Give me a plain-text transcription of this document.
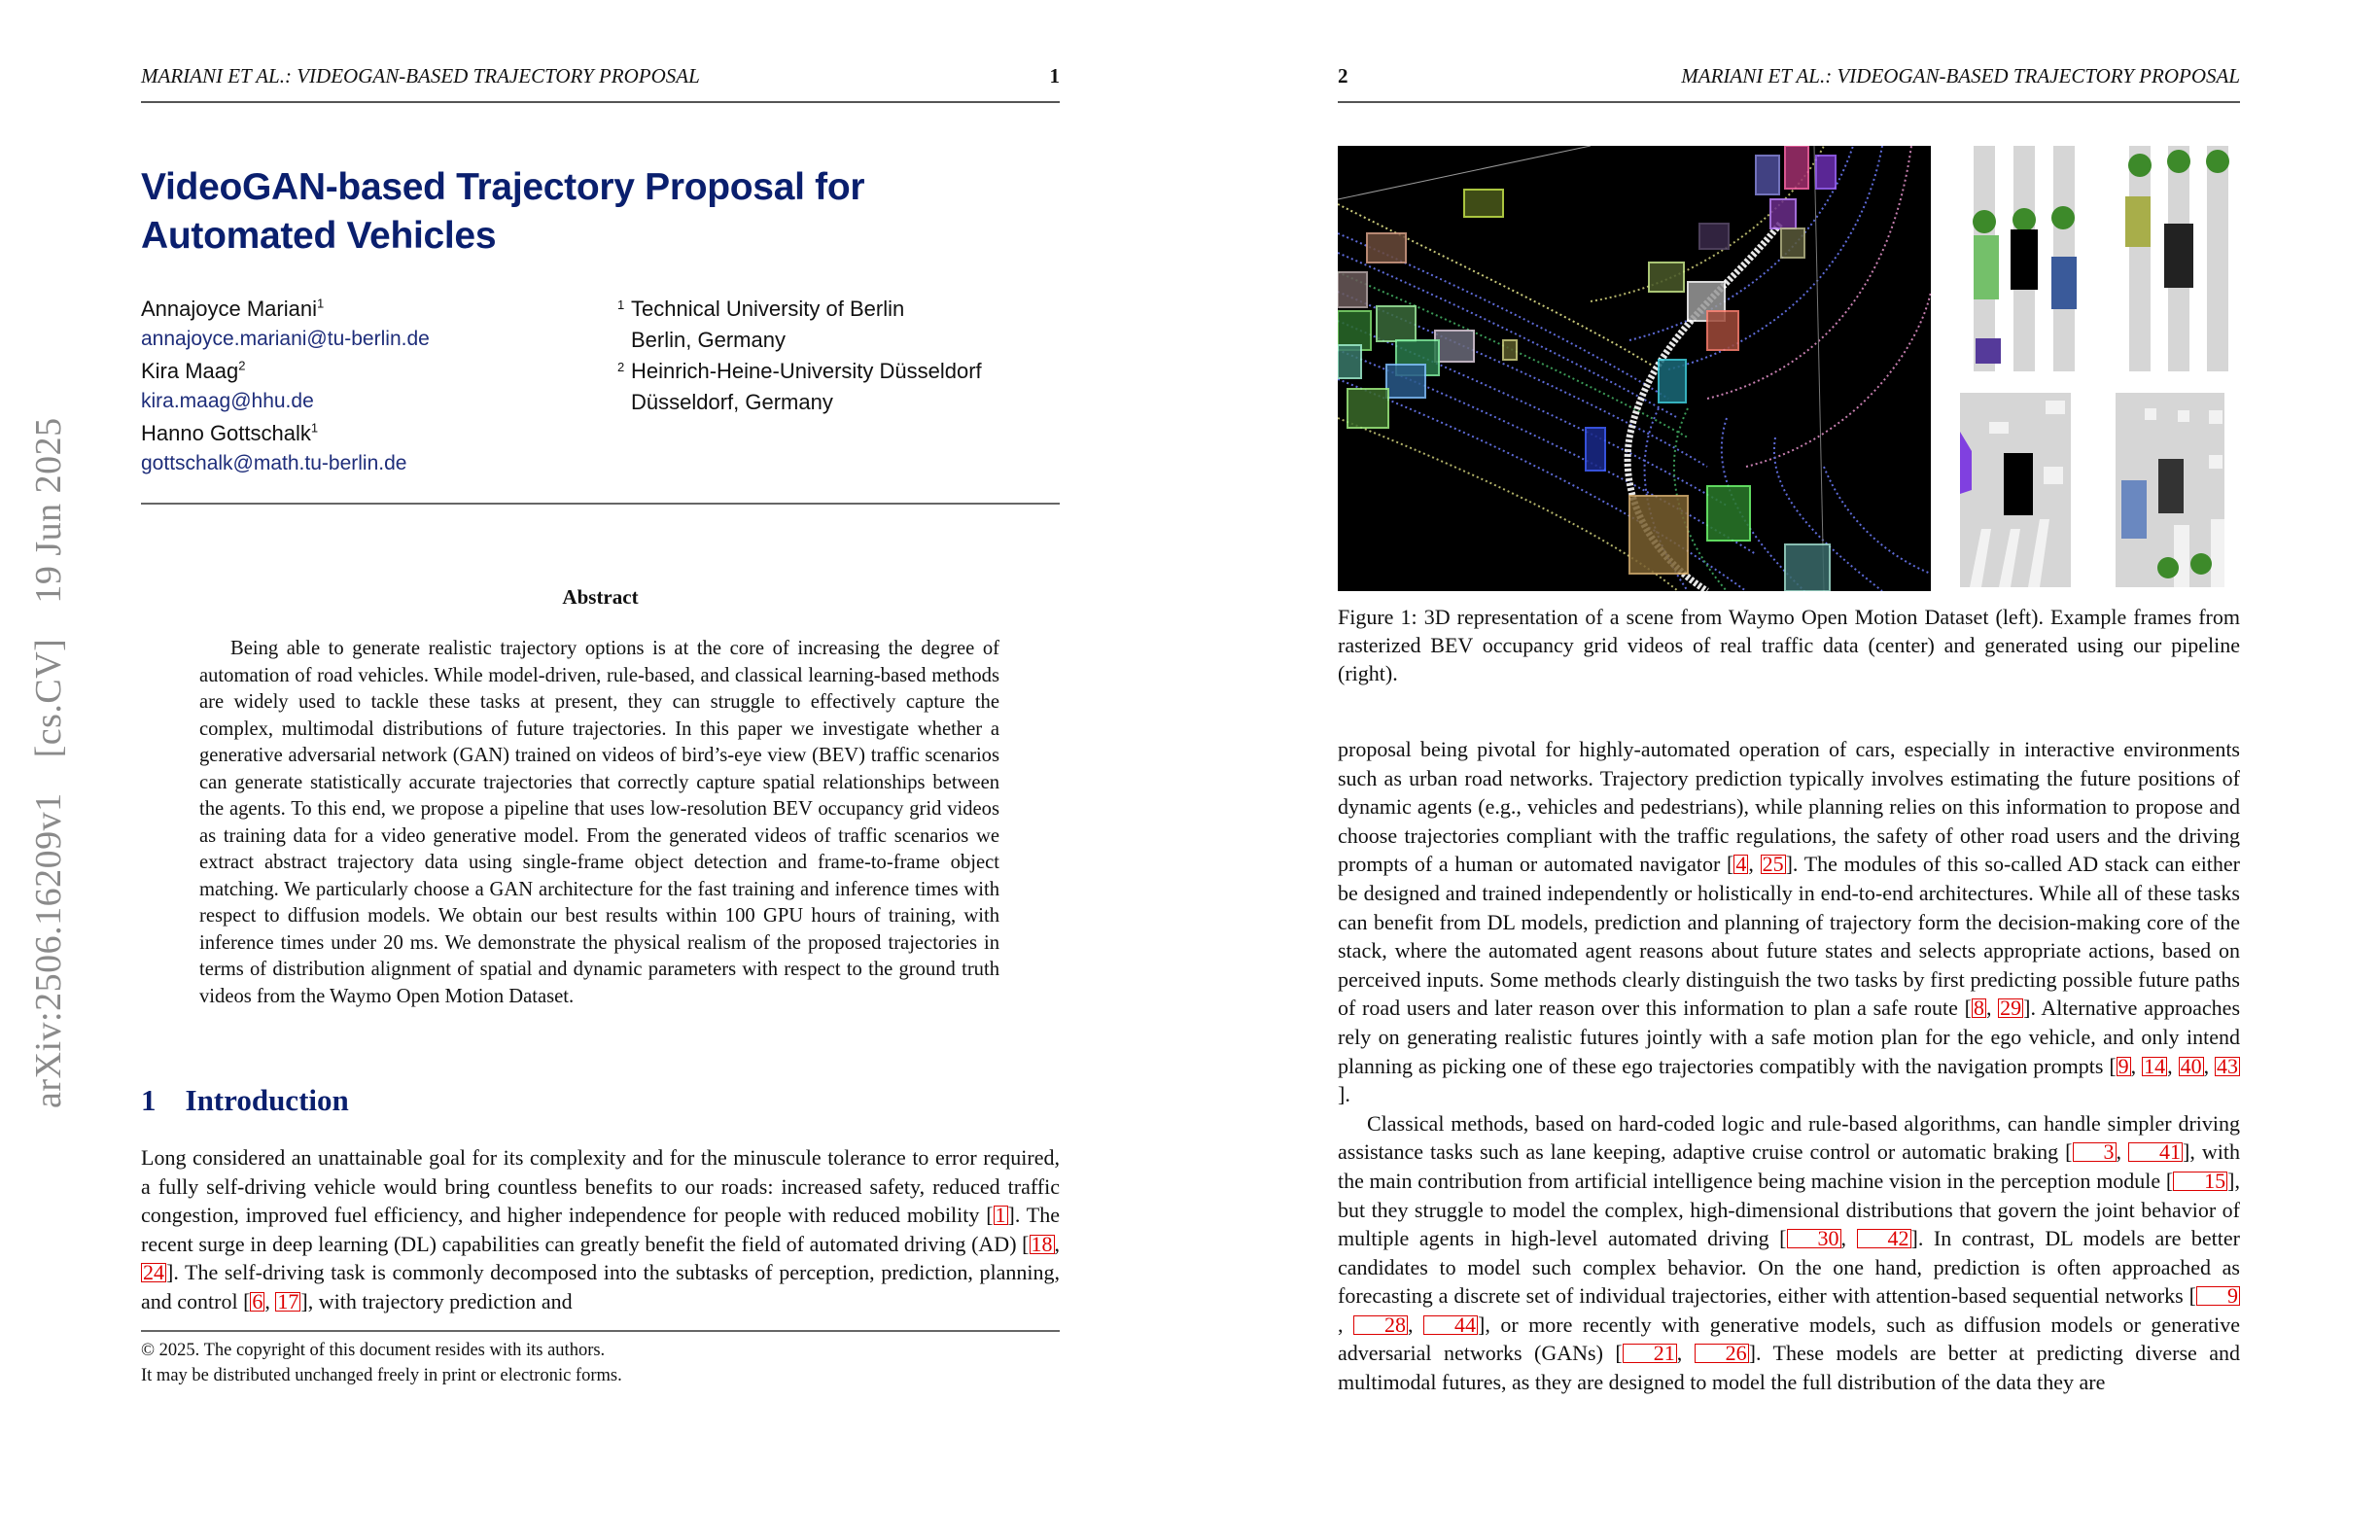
arXiv:2506.16209v1 [cs.CV] 19 Jun 2025
MARIANI ET AL.: VIDEOGAN-BASED TRAJECTORY PROPOSAL	1
VideoGAN-based Trajectory Proposal for
Automated Vehicles
Annajoyce Mariani$^1$
annajoyce.mariani@tu-berlin.de
Kira Maag$^2$
kira.maag@hhu.de
Hanno Gottschalk$^1$
gottschalk@math.tu-berlin.de
1 Technical University of Berlin
Berlin, Germany
2 Heinrich-Heine-University Düsseldorf
Düsseldorf, Germany
Abstract
Being able to generate realistic trajectory options is at the core of increasing the degree of automation of road vehicles. While model-driven, rule-based, and classical learning-based methods are widely used to tackle these tasks at present, they can struggle to effectively capture the complex, multimodal distributions of future trajectories. In this paper we investigate whether a generative adversarial network (GAN) trained on videos of bird’s-eye view (BEV) traffic scenarios can generate statistically accurate trajectories that correctly capture spatial relationships between the agents. To this end, we propose a pipeline that uses low-resolution BEV occupancy grid videos as training data for a video generative model. From the generated videos of traffic scenarios we extract abstract trajectory data using single-frame object detection and frame-to-frame object matching. We particularly choose a GAN architecture for the fast training and inference times with respect to diffusion models. We obtain our best results within 100 GPU hours of training, with inference times under 20 ms. We demonstrate the physical realism of the proposed trajectories in terms of distribution alignment of spatial and dynamic parameters with respect to the ground truth videos from the Waymo Open Motion Dataset.
1 Introduction
Long considered an unattainable goal for its complexity and for the minuscule tolerance to error required, a fully self-driving vehicle would bring countless benefits to our roads: increased safety, reduced traffic congestion, improved fuel efficiency, and higher independence for people with reduced mobility [1]. The recent surge in deep learning (DL) capabilities can greatly benefit the field of automated driving (AD) [18, 24]. The self-driving task is commonly decomposed into the subtasks of perception, prediction, planning, and control [6, 17], with trajectory prediction and
© 2025. The copyright of this document resides with its authors.
It may be distributed unchanged freely in print or electronic forms.
2	MARIANI ET AL.: VIDEOGAN-BASED TRAJECTORY PROPOSAL
Figure 1: 3D representation of a scene from Waymo Open Motion Dataset (left). Example frames from rasterized BEV occupancy grid videos of real traffic data (center) and generated using our pipeline (right).

proposal being pivotal for highly-automated operation of cars, especially in interactive environments such as urban road networks. Trajectory prediction typically involves estimating the future positions of dynamic agents (e.g., vehicles and pedestrians), while planning relies on this information to propose and choose trajectories compliant with the traffic regulations, the safety of other road users and the driving prompts of a human or automated navigator [4, 25]. The modules of this so-called AD stack can either be designed and trained independently or holistically in end-to-end architectures. While all of these tasks can benefit from DL models, prediction and planning of trajectory form the decision-making core of the stack, where the automated agent reasons about future states and selects appropriate actions, based on perceived inputs. Some methods clearly distinguish the two tasks by first predicting possible future paths of road users and later reason over this information to plan a safe route [8, 29]. Alternative approaches rely on generating realistic futures jointly with a safe motion plan for the ego vehicle, and only intend planning as picking one of these ego trajectories compatibly with the navigation prompts [9, 14, 40, 43].

Classical methods, based on hard-coded logic and rule-based algorithms, can handle simpler driving assistance tasks such as lane keeping, adaptive cruise control or automatic braking [ 3, 41], with the main contribution from artificial intelligence being machine vision in the perception module [ 15], but they struggle to model the complex, high-dimensional distributions that govern the joint behavior of multiple agents in high-level automated driving [ 30, 42]. In contrast, DL models are better candidates to model such complex behavior. On the one hand, prediction is often approached as forecasting a discrete set of individual trajectories, either with attention-based sequential networks [ 9, 28, 44], or more recently with generative models, such as diffusion models or generative adversarial networks (GANs) [ 21, 26]. These models are better at predicting diverse and multimodal futures, as they are designed to model the full distribution of the data they are
